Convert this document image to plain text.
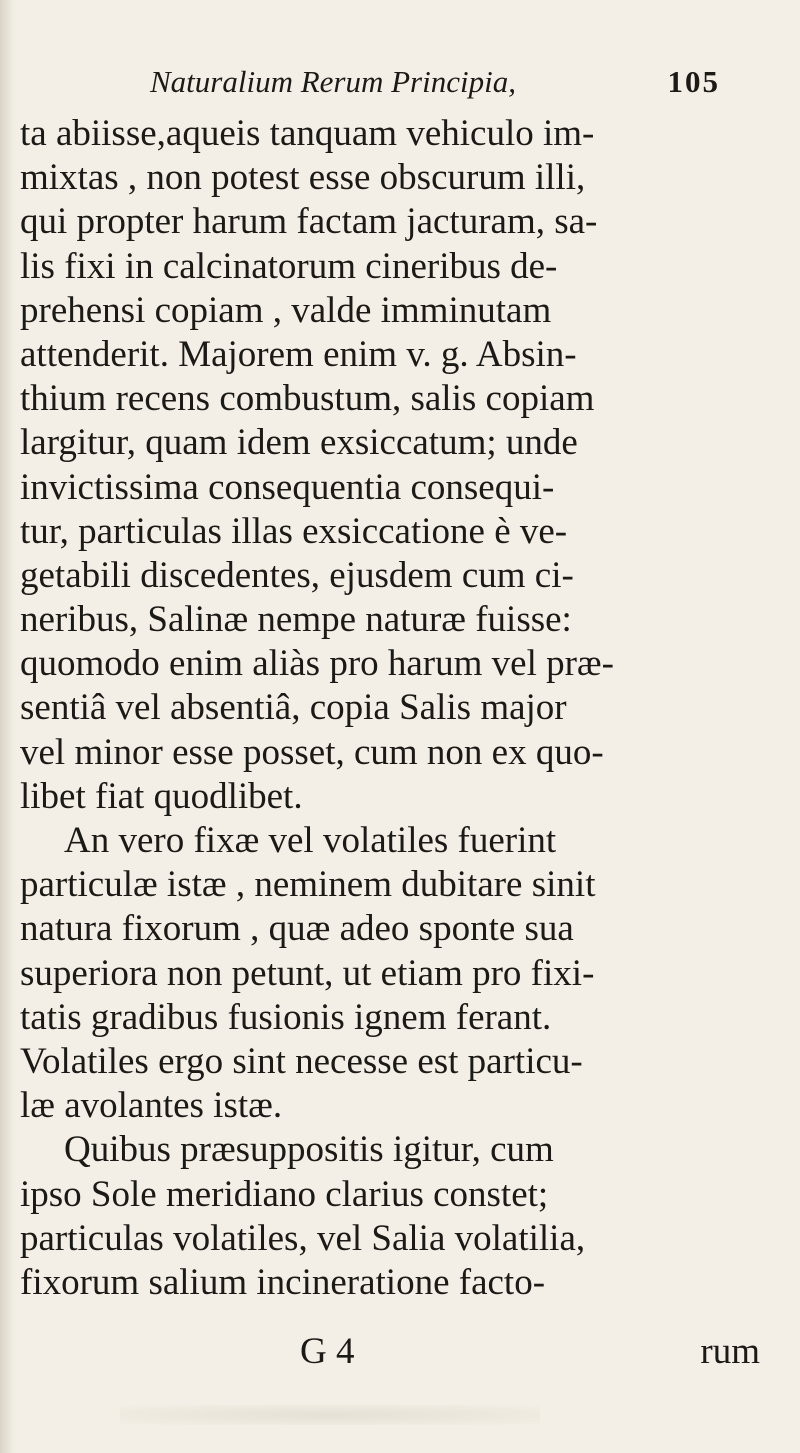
Naturalium Rerum Principia,	105
ta abiisse,aqueis tanquam vehiculo im-
mixtas , non potest esse obscurum illi,
qui propter harum factam jacturam, sa-
lis fixi in calcinatorum cineribus de-
prehensi copiam , valde imminutam
attenderit. Majorem enim v. g. Absin-
thium recens combustum, salis copiam
largitur, quam idem exsiccatum; unde
invictissima consequentia consequi-
tur, particulas illas exsiccatione è ve-
getabili discedentes, ejusdem cum ci-
neribus, Salinæ nempe naturæ fuisse:
quomodo enim aliàs pro harum vel præ-
sentiâ vel absentiâ, copia Salis major
vel minor esse posset, cum non ex quo-
libet fiat quodlibet.
An vero fixæ vel volatiles fuerint
particulæ istæ , neminem dubitare sinit
natura fixorum , quæ adeo sponte sua
superiora non petunt, ut etiam pro fixi-
tatis gradibus fusionis ignem ferant.
Volatiles ergo sint necesse est particu-
læ avolantes istæ.
Quibus præsuppositis igitur, cum
ipso Sole meridiano clarius constet;
particulas volatiles, vel Salia volatilia,
fixorum salium incineratione facto-
G 4	rum
